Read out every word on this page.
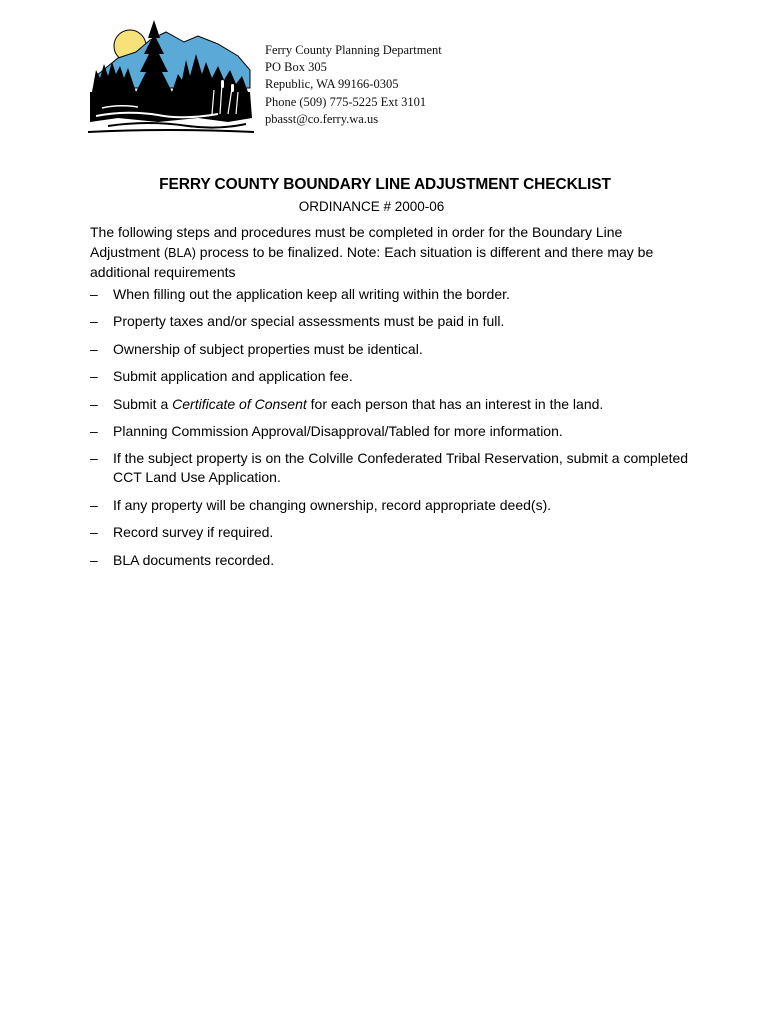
Ferry County Planning Department
PO Box 305
Republic, WA 99166-0305
Phone (509) 775-5225 Ext 3101
pbasst@co.ferry.wa.us
FERRY COUNTY BOUNDARY LINE ADJUSTMENT CHECKLIST
ORDINANCE # 2000-06
The following steps and procedures must be completed in order for the Boundary Line Adjustment (BLA) process to be finalized. Note: Each situation is different and there may be additional requirements
– When filling out the application keep all writing within the border.
– Property taxes and/or special assessments must be paid in full.
– Ownership of subject properties must be identical.
– Submit application and application fee.
– Submit a Certificate of Consent for each person that has an interest in the land.
– Planning Commission Approval/Disapproval/Tabled for more information.
– If the subject property is on the Colville Confederated Tribal Reservation, submit a completed CCT Land Use Application.
– If any property will be changing ownership, record appropriate deed(s).
– Record survey if required.
– BLA documents recorded.
